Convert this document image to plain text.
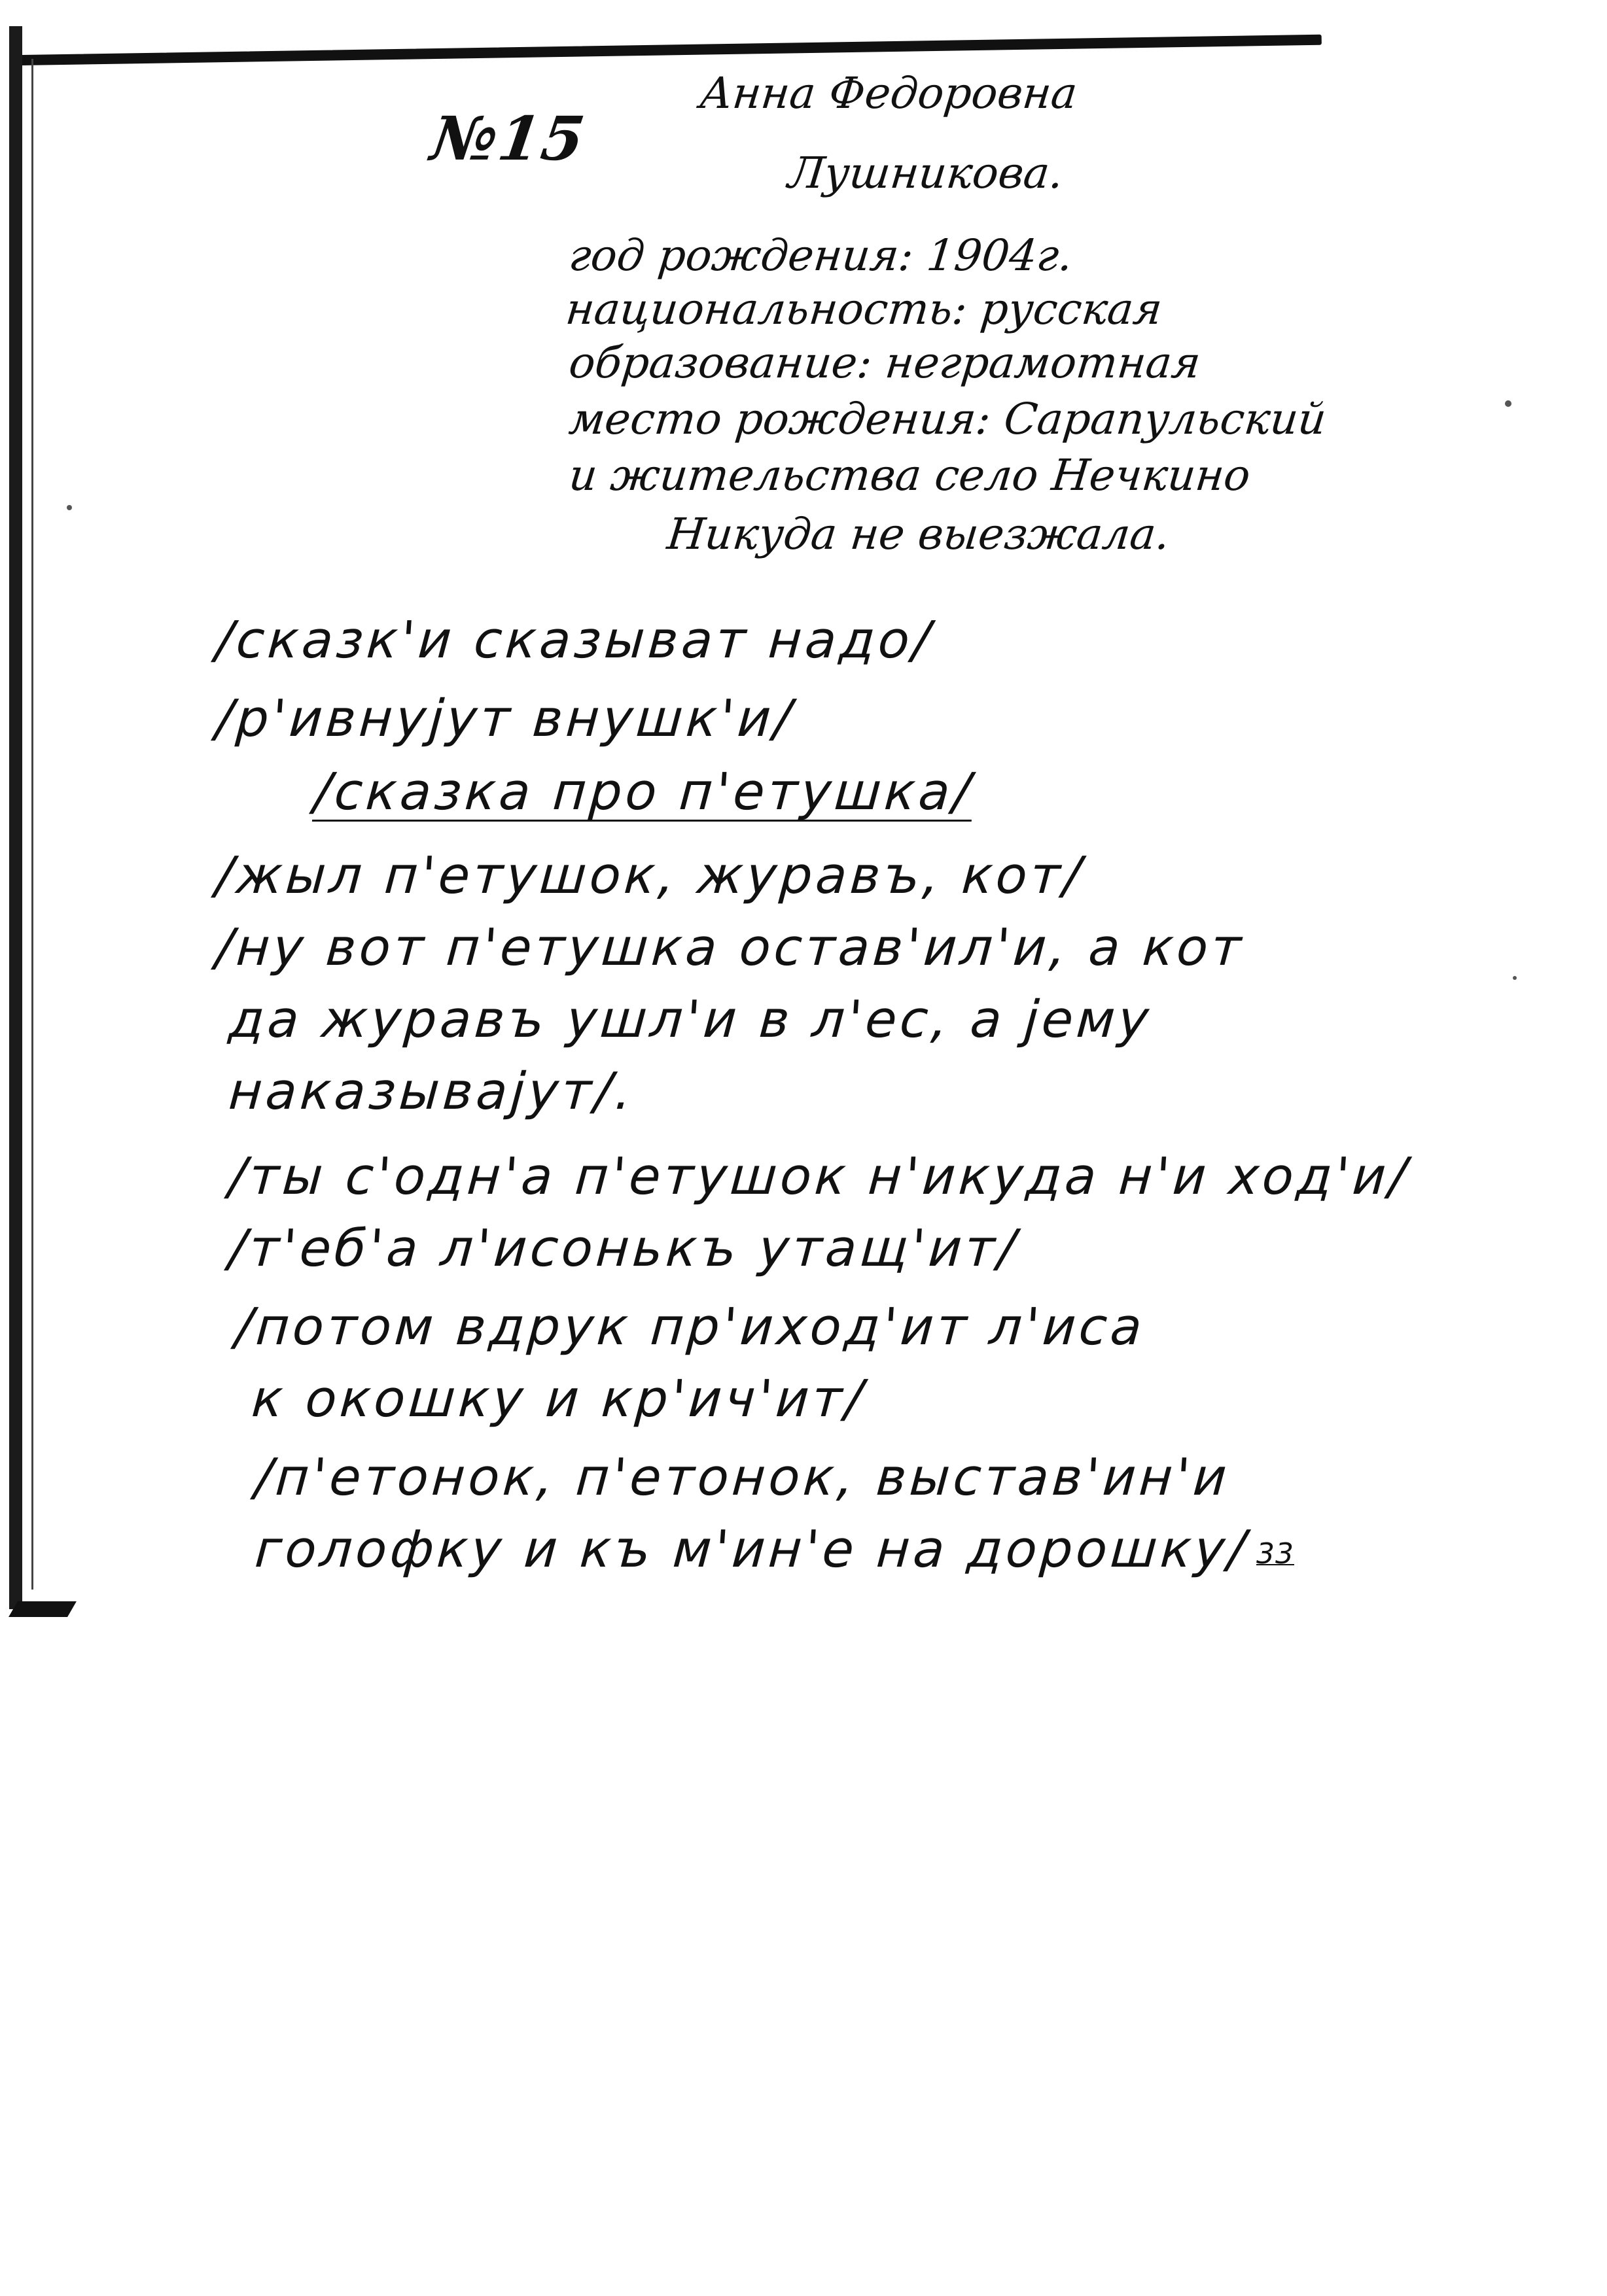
№15
Анна Федоровна
Лушникова.
год рождения: 1904г.
национальность: русская
образование: неграмотная
место рождения: Сарапульский
и жительства село Нечкино
Никуда не выезжала.
/сказк'и сказыват надо/
/р'ивнујут внушк'и/
/сказка про п'етушка/
/жыл п'етушок, журавъ, кот/
/ну вот п'етушка остав'ил'и, а кот
да журавъ ушл'и в л'ес, а јему
наказывајут/.
/ты с'одн'а п'етушок н'икуда н'и ход'и/
/т'еб'а л'исонькъ утащ'ит/
/потом вдрук пр'иход'ит л'иса
к окошку и кр'ич'ит/
/п'етонок, п'етонок, выстав'ин'и
голофку и къ м'ин'е на дорошку/ 33
